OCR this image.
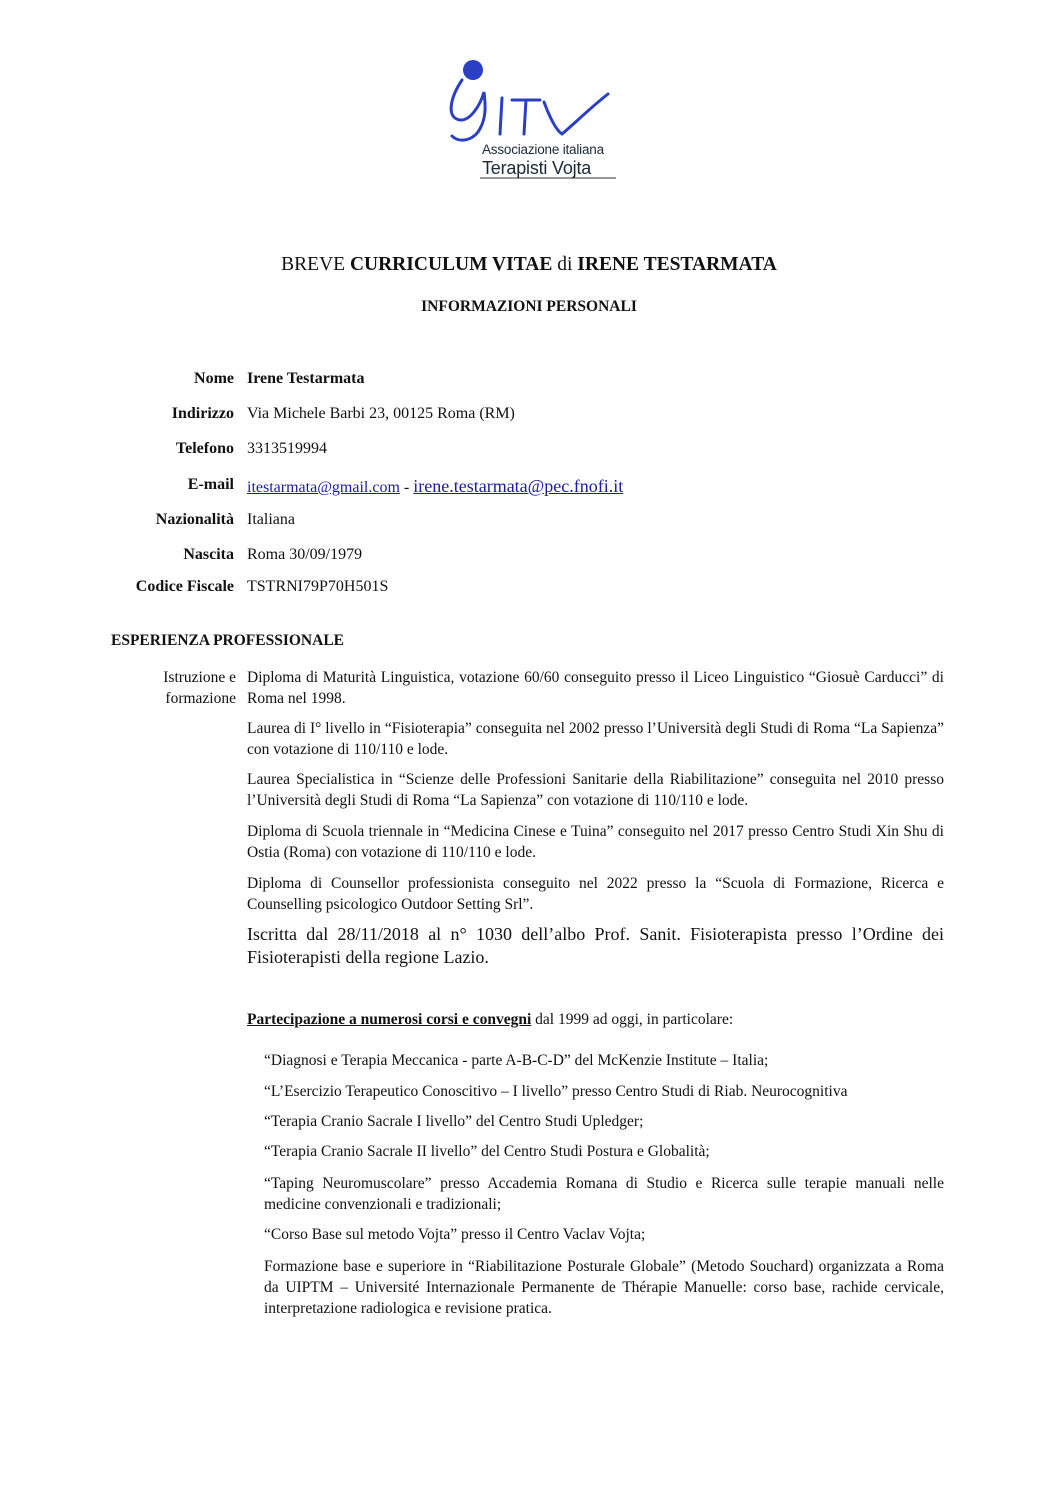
Associazione italiana
Terapisti Vojta
BREVE CURRICULUM VITAE di IRENE TESTARMATA
INFORMAZIONI PERSONALI
Nome Irene Testarmata
Indirizzo Via Michele Barbi 23, 00125 Roma (RM)
Telefono 3313519994
E-mail itestarmata@gmail.com - irene.testarmata@pec.fnofi.it
Nazionalità Italiana
Nascita Roma 30/09/1979
Codice Fiscale TSTRNI79P70H501S
ESPERIENZA PROFESSIONALE
Istruzione e
formazione
Diploma di Maturità Linguistica, votazione 60/60 conseguito presso il Liceo Linguistico “Giosuè Carducci” di Roma nel 1998.
Laurea di I° livello in “Fisioterapia” conseguita nel 2002 presso l’Università degli Studi di Roma “La Sapienza” con votazione di 110/110 e lode.
Laurea Specialistica in “Scienze delle Professioni Sanitarie della Riabilitazione” conseguita nel 2010 presso l’Università degli Studi di Roma “La Sapienza” con votazione di 110/110 e lode.
Diploma di Scuola triennale in “Medicina Cinese e Tuina” conseguito nel 2017 presso Centro Studi Xin Shu di Ostia (Roma) con votazione di 110/110 e lode.
Diploma di Counsellor professionista conseguito nel 2022 presso la “Scuola di Formazione, Ricerca e Counselling psicologico Outdoor Setting Srl”.
Iscritta dal 28/11/2018 al n° 1030 dell’albo Prof. Sanit. Fisioterapista presso l’Ordine dei Fisioterapisti della regione Lazio.
Partecipazione a numerosi corsi e convegni dal 1999 ad oggi, in particolare:
“Diagnosi e Terapia Meccanica - parte A-B-C-D” del McKenzie Institute – Italia;
“L’Esercizio Terapeutico Conoscitivo – I livello” presso Centro Studi di Riab. Neurocognitiva
“Terapia Cranio Sacrale I livello” del Centro Studi Upledger;
“Terapia Cranio Sacrale II livello” del Centro Studi Postura e Globalità;
“Taping Neuromuscolare” presso Accademia Romana di Studio e Ricerca sulle terapie manuali nelle medicine convenzionali e tradizionali;
“Corso Base sul metodo Vojta” presso il Centro Vaclav Vojta;
Formazione base e superiore in “Riabilitazione Posturale Globale” (Metodo Souchard) organizzata a Roma da UIPTM – Université Internazionale Permanente de Thérapie Manuelle: corso base, rachide cervicale, interpretazione radiologica e revisione pratica.
